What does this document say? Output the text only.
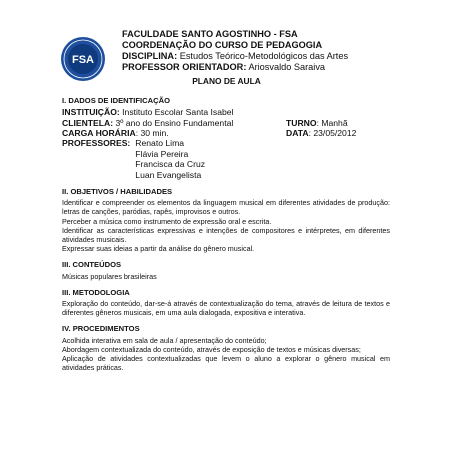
FSA
FACULDADE SANTO AGOSTINHO - FSA
COORDENAÇÃO DO CURSO DE PEDAGOGIA
DISCIPLINA: Estudos Teórico-Metodológicos das Artes
PROFESSOR ORIENTADOR: Ariosvaldo Saraiva
PLANO DE AULA
I. DADOS DE IDENTIFICAÇÃO
INSTITUIÇÃO: Instituto Escolar Santa Isabel
CLIENTELA: 3º ano do Ensino Fundamental	TURNO: Manhã
CARGA HORÁRIA: 30 min.	DATA: 23/05/2012
PROFESSORES: Renato Lima
Flávia Pereira
Francisca da Cruz
Luan Evangelista
II. OBJETIVOS / HABILIDADES

Identificar e compreender os elementos da linguagem musical em diferentes atividades de produção: letras de canções, paródias, rapês, improvisos e outros.

Perceber a música como instrumento de expressão oral e escrita.

Identificar as características expressivas e intenções de compositores e intérpretes, em diferentes atividades musicais.

Expressar suas ideias a partir da análise do gênero musical.

III. CONTEÚDOS

Músicas populares brasileiras

III. METODOLOGIA

Exploração do conteúdo, dar-se-á através de contextualização do tema, através de leitura de textos e diferentes gêneros musicais, em uma aula dialogada, expositiva e interativa.

IV. PROCEDIMENTOS

Acolhida interativa em sala de aula / apresentação do conteúdo;

Abordagem contextualizada do conteúdo, através de exposição de textos e músicas diversas;

Aplicação de atividades contextualizadas que levem o aluno a explorar o gênero musical em atividades práticas.
